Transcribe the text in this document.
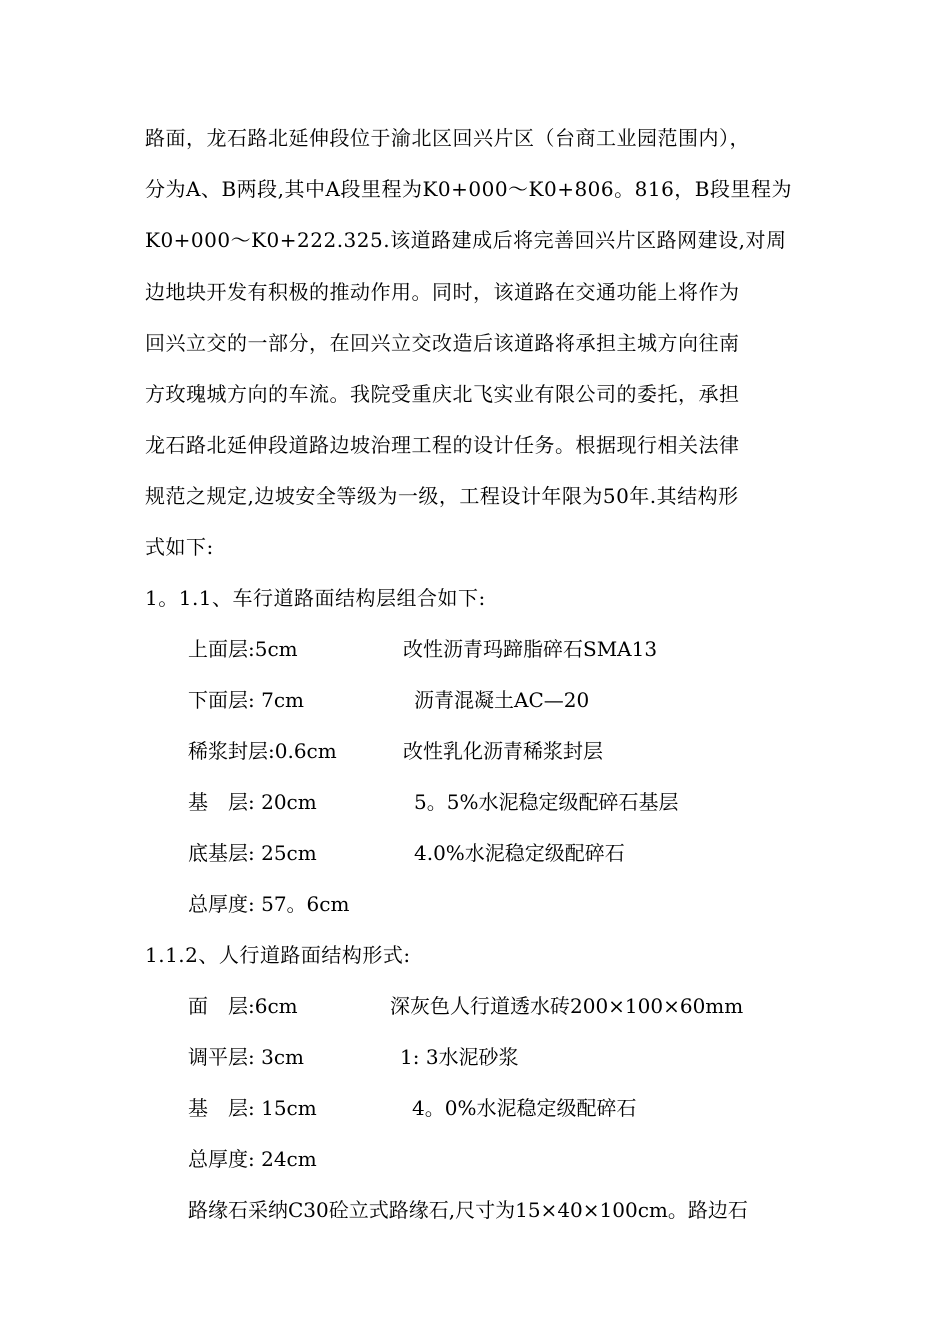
路面，龙石路北延伸段位于渝北区回兴片区（台商工业园范围内），
分为A、B两段,其中A段里程为K0+000～K0+806。816，B段里程为
K0+000～K0+222.325.该道路建成后将完善回兴片区路网建设,对周
边地块开发有积极的推动作用。同时，该道路在交通功能上将作为
回兴立交的一部分，在回兴立交改造后该道路将承担主城方向往南
方玫瑰城方向的车流。我院受重庆北飞实业有限公司的委托，承担
龙石路北延伸段道路边坡治理工程的设计任务。根据现行相关法律
规范之规定,边坡安全等级为一级，工程设计年限为50年.其结构形
式如下:
1。1.1、车行道路面结构层组合如下:
上面层:5cm	改性沥青玛蹄脂碎石SMA13
下面层: 7cm	沥青混凝土AC—20
稀浆封层:0.6cm	改性乳化沥青稀浆封层
基　层: 20cm	5。5%水泥稳定级配碎石基层
底基层: 25cm	4.0%水泥稳定级配碎石
总厚度: 57。6cm
1.1.2、人行道路面结构形式:
面　层:6cm	深灰色人行道透水砖200×100×60mm
调平层: 3cm	1: 3水泥砂浆
基　层: 15cm	4。0%水泥稳定级配碎石
总厚度: 24cm
路缘石采纳C30砼立式路缘石,尺寸为15×40×100cm。路边石
